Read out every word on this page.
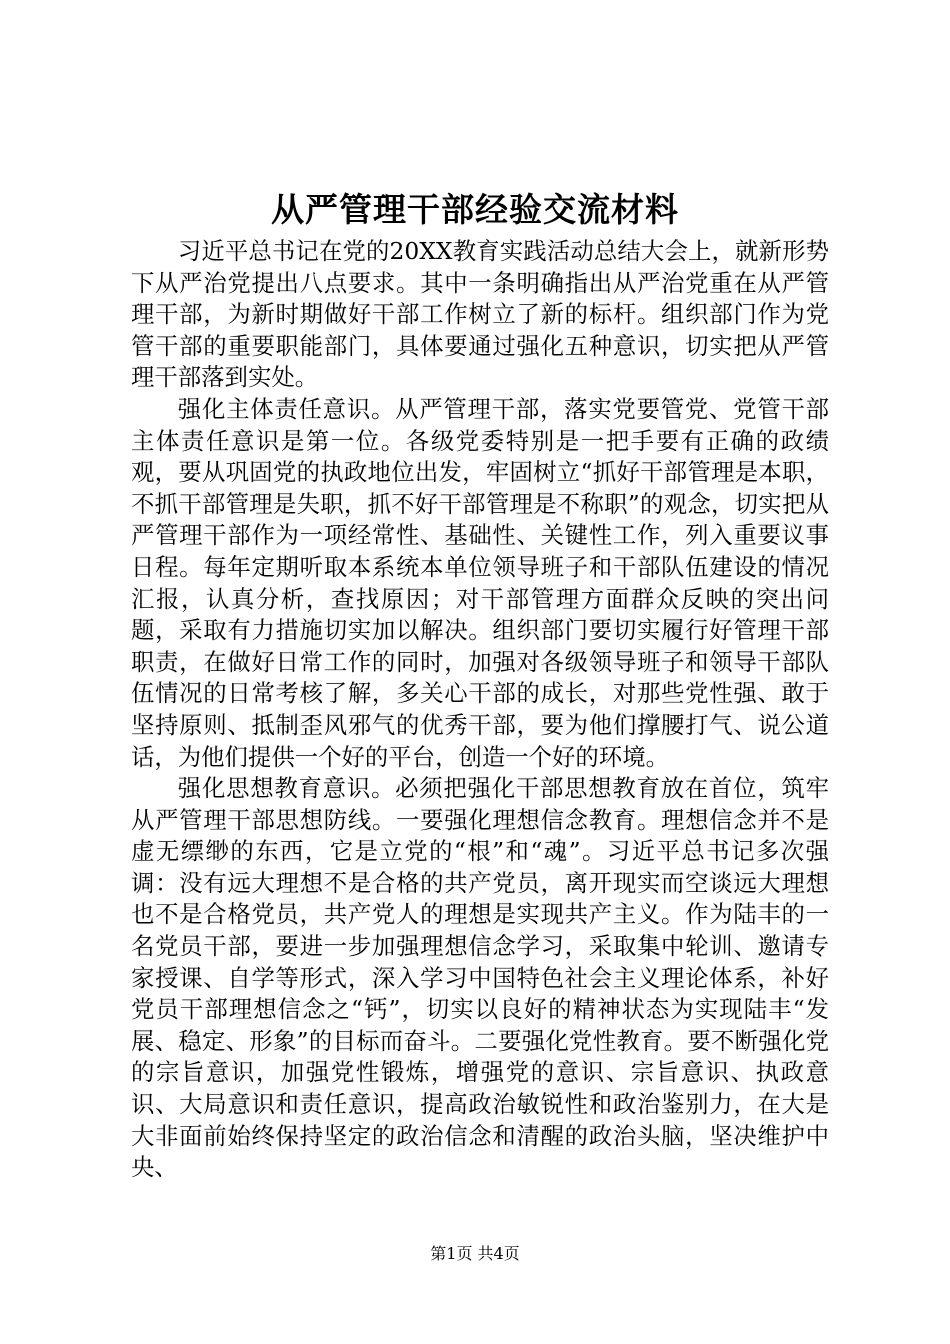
从严管理干部经验交流材料

习近平总书记在党的20XX教育实践活动总结大会上，就新形势下从严治党提出八点要求。其中一条明确指出从严治党重在从严管理干部，为新时期做好干部工作树立了新的标杆。组织部门作为党管干部的重要职能部门，具体要通过强化五种意识，切实把从严管理干部落到实处。

强化主体责任意识。从严管理干部，落实党要管党、党管干部主体责任意识是第一位。各级党委特别是一把手要有正确的政绩观，要从巩固党的执政地位出发，牢固树立“抓好干部管理是本职，不抓干部管理是失职，抓不好干部管理是不称职”的观念，切实把从严管理干部作为一项经常性、基础性、关键性工作，列入重要议事日程。每年定期听取本系统本单位领导班子和干部队伍建设的情况汇报，认真分析，查找原因；对干部管理方面群众反映的突出问题，采取有力措施切实加以解决。组织部门要切实履行好管理干部职责，在做好日常工作的同时，加强对各级领导班子和领导干部队伍情况的日常考核了解，多关心干部的成长，对那些党性强、敢于坚持原则、抵制歪风邪气的优秀干部，要为他们撑腰打气、说公道话，为他们提供一个好的平台，创造一个好的环境。

强化思想教育意识。必须把强化干部思想教育放在首位，筑牢从严管理干部思想防线。一要强化理想信念教育。理想信念并不是虚无缥缈的东西，它是立党的“根”和“魂”。习近平总书记多次强调：没有远大理想不是合格的共产党员，离开现实而空谈远大理想也不是合格党员，共产党人的理想是实现共产主义。作为陆丰的一名党员干部，要进一步加强理想信念学习，采取集中轮训、邀请专家授课、自学等形式，深入学习中国特色社会主义理论体系，补好党员干部理想信念之“钙”，切实以良好的精神状态为实现陆丰“发展、稳定、形象”的目标而奋斗。二要强化党性教育。要不断强化党的宗旨意识，加强党性锻炼，增强党的意识、宗旨意识、执政意识、大局意识和责任意识，提高政治敏锐性和政治鉴别力，在大是大非面前始终保持坚定的政治信念和清醒的政治头脑，坚决维护中央、

第1页 共4页
